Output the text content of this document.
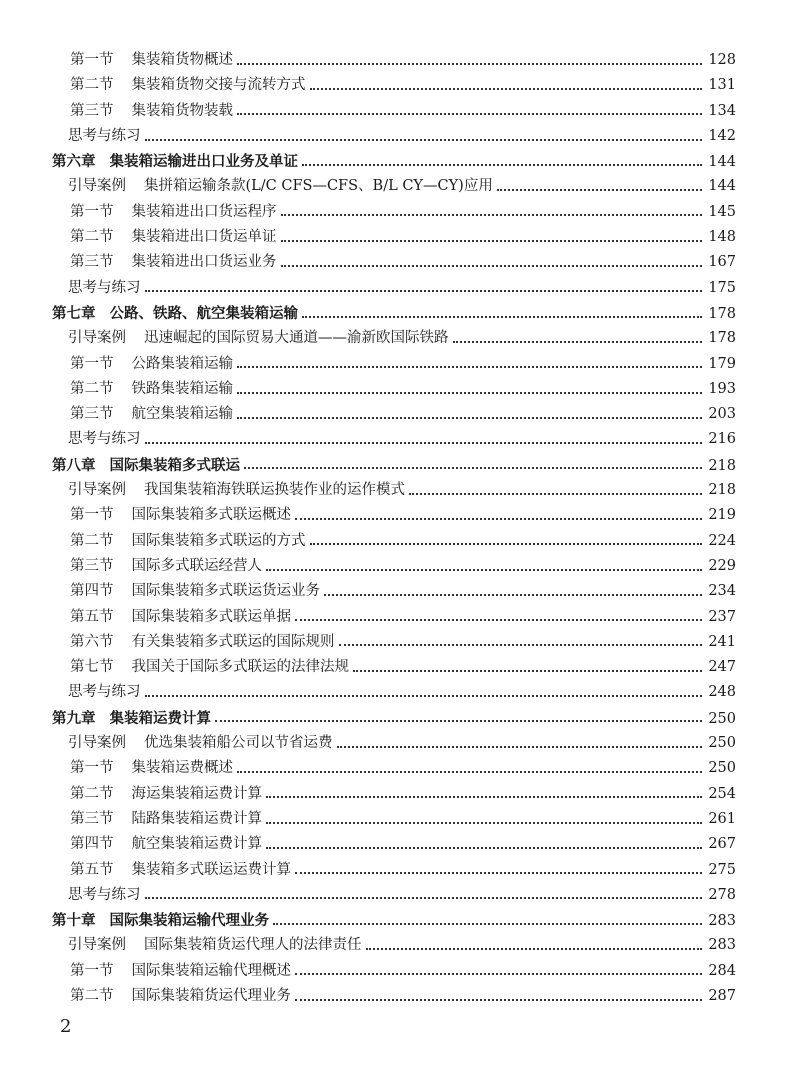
第一节 集装箱货物概述	128
第二节 集装箱货物交接与流转方式	131
第三节 集装箱货物装载	134
思考与练习	142
第六章 集装箱运输进出口业务及单证	144
引导案例 集拼箱运输条款(L/C CFS—CFS、B/L CY—CY)应用	144
第一节 集装箱进出口货运程序	145
第二节 集装箱进出口货运单证	148
第三节 集装箱进出口货运业务	167
思考与练习	175
第七章 公路、铁路、航空集装箱运输	178
引导案例 迅速崛起的国际贸易大通道——渝新欧国际铁路	178
第一节 公路集装箱运输	179
第二节 铁路集装箱运输	193
第三节 航空集装箱运输	203
思考与练习	216
第八章 国际集装箱多式联运	218
引导案例 我国集装箱海铁联运换装作业的运作模式	218
第一节 国际集装箱多式联运概述	219
第二节 国际集装箱多式联运的方式	224
第三节 国际多式联运经营人	229
第四节 国际集装箱多式联运货运业务	234
第五节 国际集装箱多式联运单据	237
第六节 有关集装箱多式联运的国际规则	241
第七节 我国关于国际多式联运的法律法规	247
思考与练习	248
第九章 集装箱运费计算	250
引导案例 优选集装箱船公司以节省运费	250
第一节 集装箱运费概述	250
第二节 海运集装箱运费计算	254
第三节 陆路集装箱运费计算	261
第四节 航空集装箱运费计算	267
第五节 集装箱多式联运运费计算	275
思考与练习	278
第十章 国际集装箱运输代理业务	283
引导案例 国际集装箱货运代理人的法律责任	283
第一节 国际集装箱运输代理概述	284
第二节 国际集装箱货运代理业务	287
2
